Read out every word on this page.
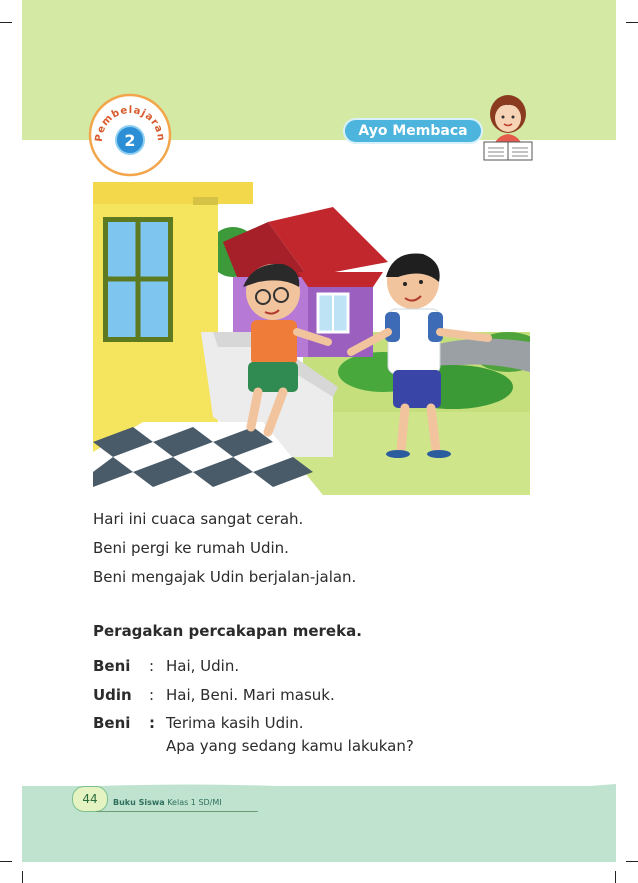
Pembelajaran
2	Ayo Membaca
Hari ini cuaca sangat cerah.
Beni pergi ke rumah Udin.
Beni mengajak Udin berjalan-jalan.
Peragakan percakapan mereka.
Beni : Hai, Udin.
Udin : Hai, Beni. Mari masuk.
Beni : Terima kasih Udin.
Apa yang sedang kamu lakukan?
44	Buku Siswa Kelas 1 SD/MI
